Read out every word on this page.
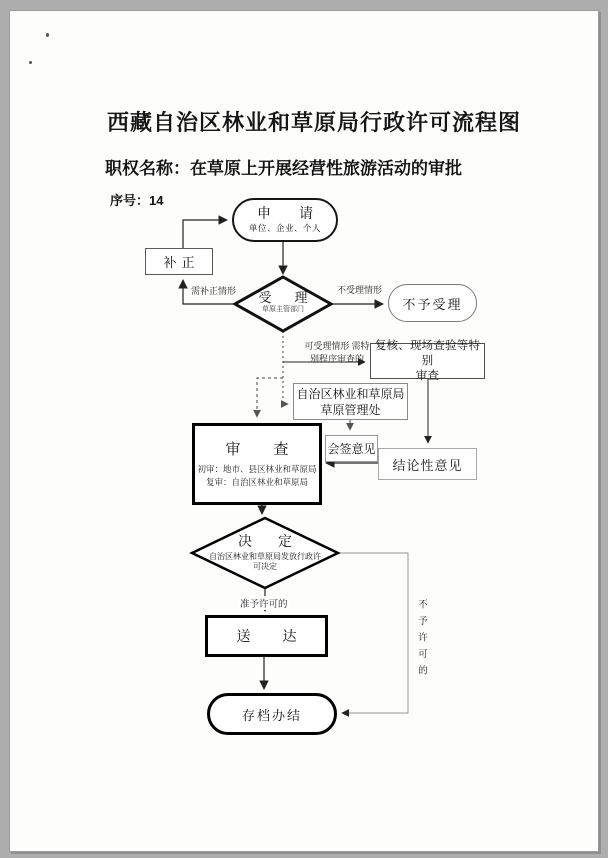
西藏自治区林业和草原局行政许可流程图
职权名称：在草原上开展经营性旅游活动的审批
序号：14
申　请
单位、企业、个人
补正
受　理
草原主管部门	不予受理
复核、现场查验等特别
审查
自治区林业和草原局
草原管理处
审　查
初审：地市、县区林业和草原局
复审：自治区林业和草原局
会签意见
结论性意见
决　定
自治区林业和草原局发放行政许
可决定
送　达
存档办结
需补正情形	不受理情形
可受理情形 需特
别程序审查的
准予许可的	不予许可的
